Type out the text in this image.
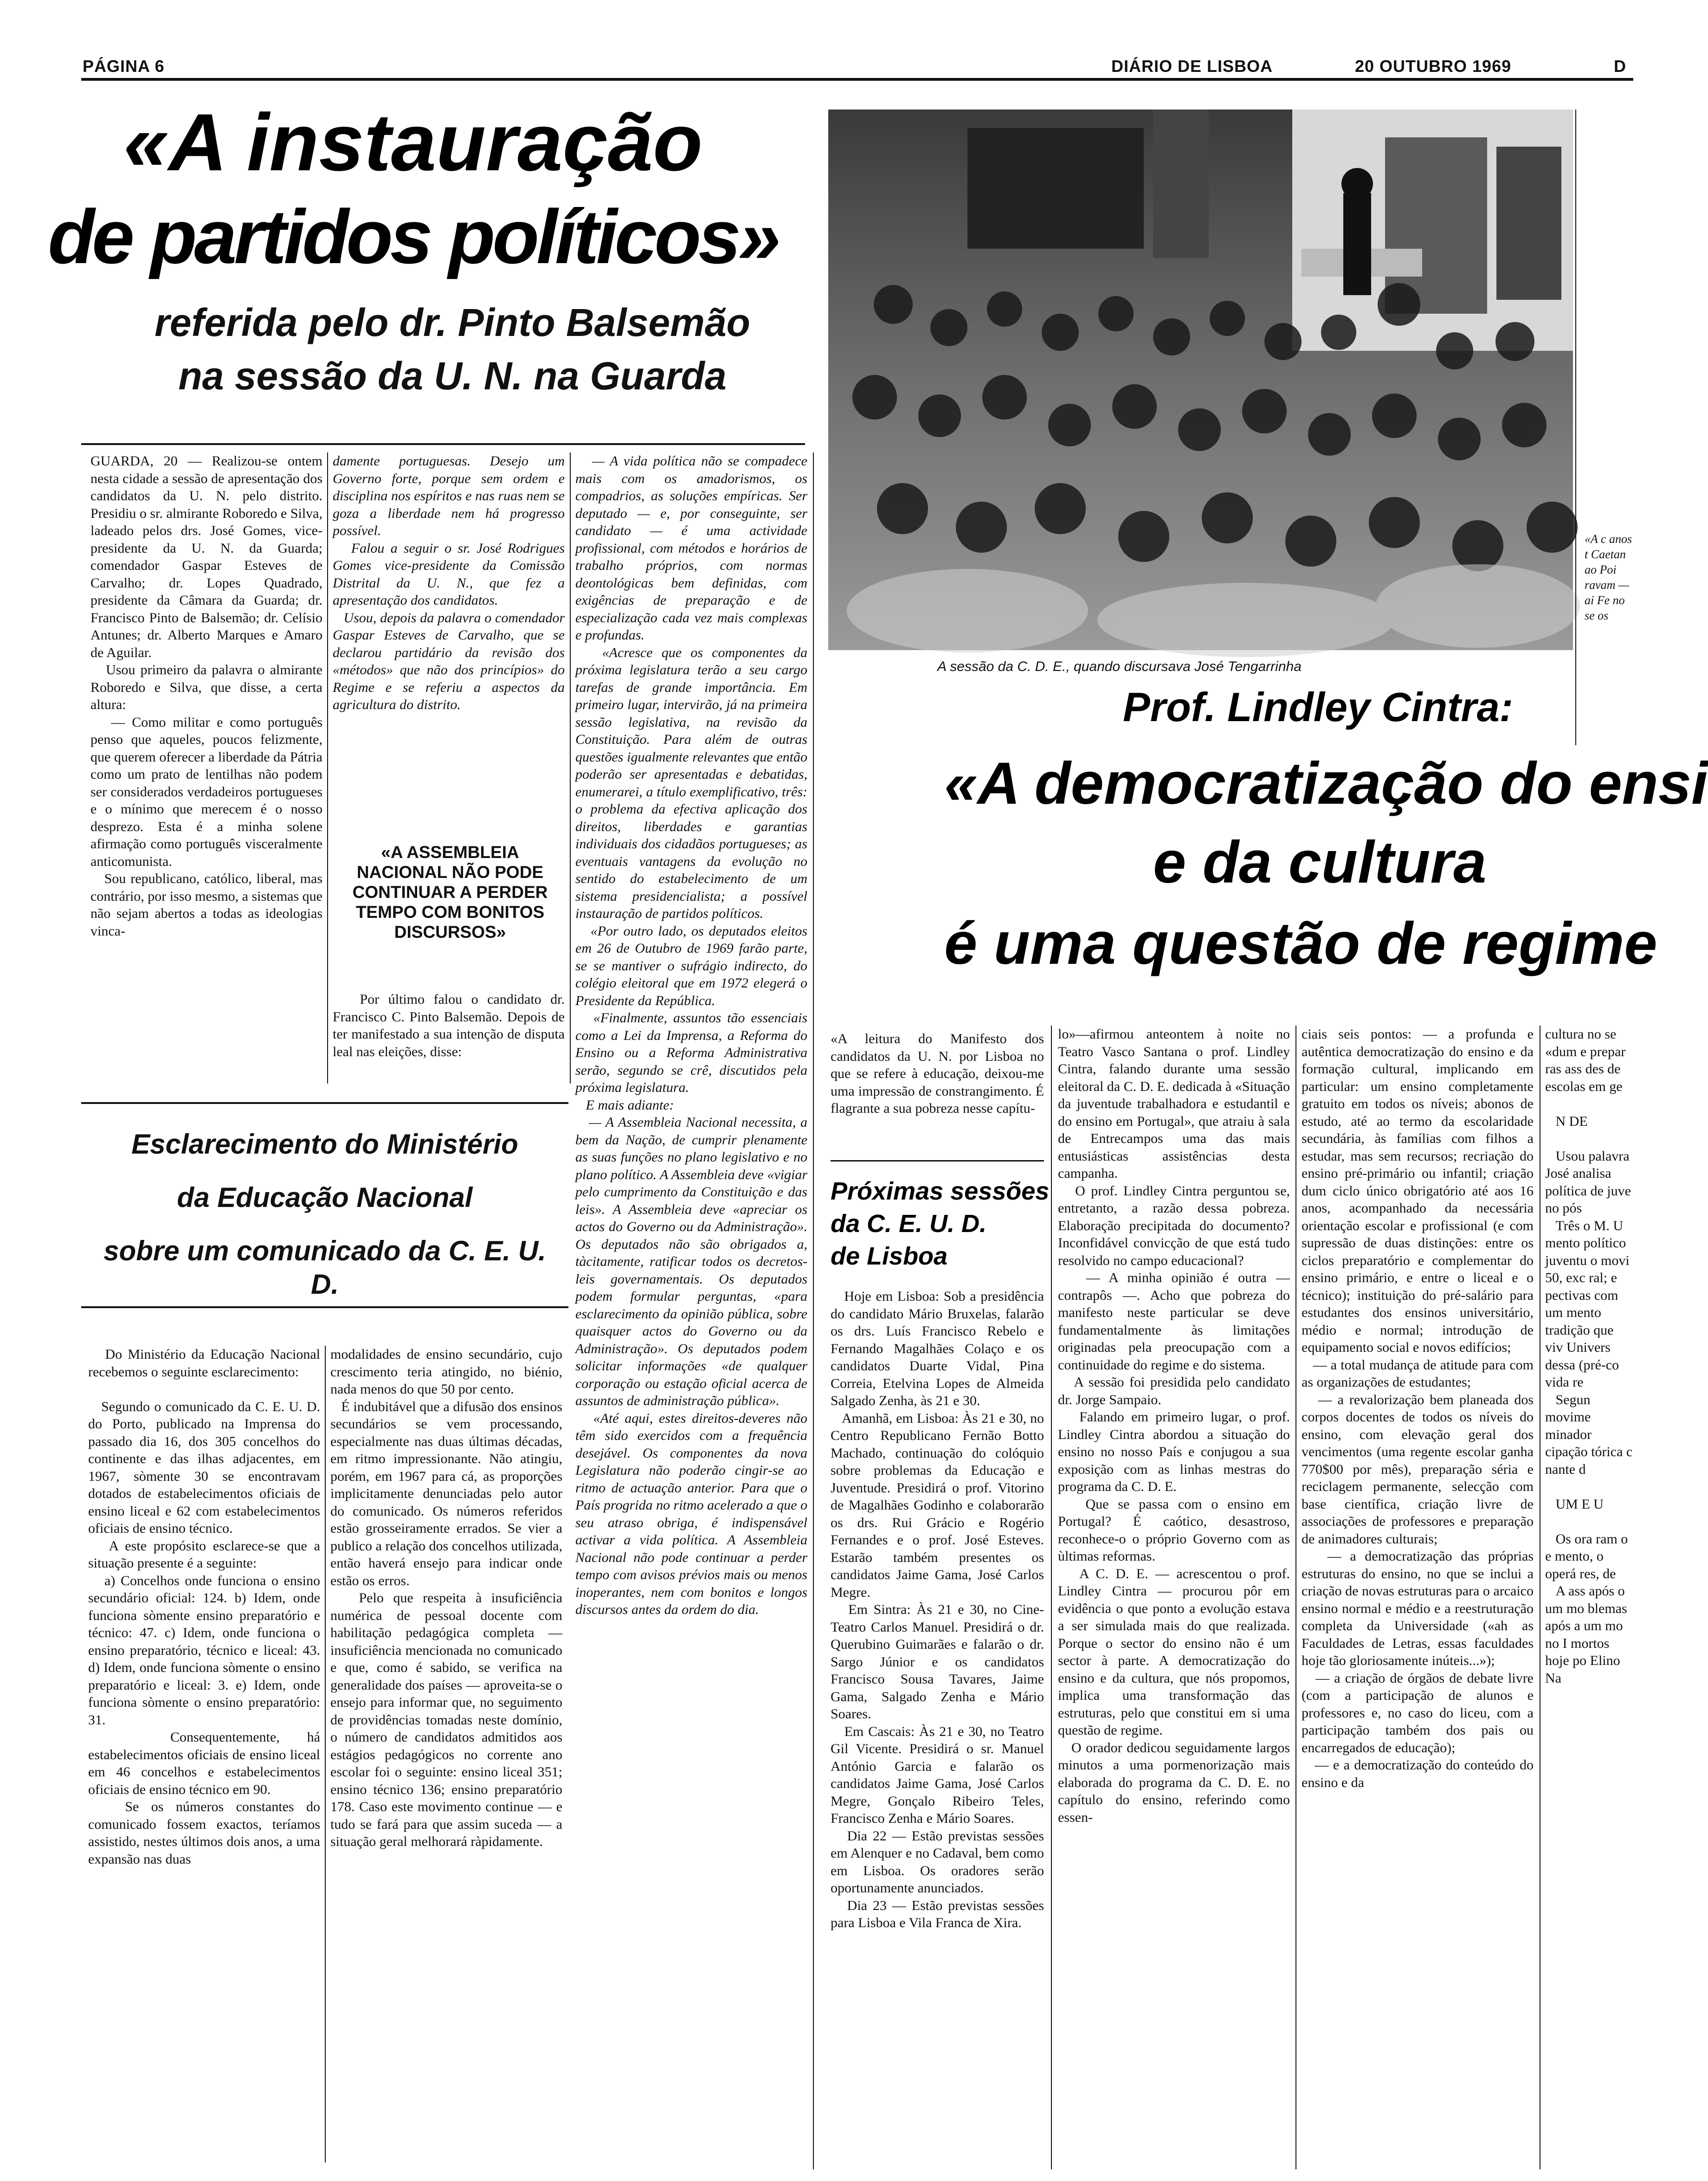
PÁGINA 6	DIÁRIO DE LISBOA	20 OUTUBRO 1969	D
«A instauração
de partidos políticos»
referida pelo dr. Pinto Balsemão
na sessão da U. N. na Guarda
GUARDA, 20 — Realizou-se ontem nesta cidade a sessão de apresentação dos candidatos da U. N. pelo distrito. Presidiu o sr. almirante Roboredo e Silva, ladeado pelos drs. José Gomes, vice-presidente da U. N. da Guarda; comendador Gaspar Esteves de Carvalho; dr. Lopes Quadrado, presidente da Câmara da Guarda; dr. Francisco Pinto de Balsemão; dr. Celísio Antunes; dr. Alberto Marques e Amaro de Aguilar.
Usou primeiro da palavra o almirante Roboredo e Silva, que disse, a certa altura:
— Como militar e como português penso que aqueles, poucos felizmente, que querem oferecer a liberdade da Pátria como um prato de lentilhas não podem ser considerados verdadeiros portugueses e o mínimo que merecem é o nosso desprezo. Esta é a minha solene afirmação como português visceralmente anticomunista.
Sou republicano, católico, liberal, mas contrário, por isso mesmo, a sistemas que não sejam abertos a todas as ideologias vinca-
damente portuguesas. Desejo um Governo forte, porque sem ordem e disciplina nos espíritos e nas ruas nem se goza a liberdade nem há progresso possível.
Falou a seguir o sr. José Rodrigues Gomes vice-presidente da Comissão Distrital da U. N., que fez a apresentação dos candidatos.
Usou, depois da palavra o comendador Gaspar Esteves de Carvalho, que se declarou partidário da revisão dos «métodos» que não dos princípios» do Regime e se referiu a aspectos da agricultura do distrito.
«A ASSEMBLEIA NACIONAL NÃO PODE CONTINUAR A PERDER TEMPO COM BONITOS DISCURSOS»
Por último falou o candidato dr. Francisco C. Pinto Balsemão. Depois de ter manifestado a sua intenção de disputa leal nas eleições, disse:
— A vida política não se compadece mais com os amadorismos, os compadrios, as soluções empíricas. Ser deputado — e, por conseguinte, ser candidato — é uma actividade profissional, com métodos e horários de trabalho próprios, com normas deontológicas bem definidas, com exigências de preparação e de especialização cada vez mais complexas e profundas.
«Acresce que os componentes da próxima legislatura terão a seu cargo tarefas de grande importância. Em primeiro lugar, intervirão, já na primeira sessão legislativa, na revisão da Constituição. Para além de outras questões igualmente relevantes que então poderão ser apresentadas e debatidas, enumerarei, a título exemplificativo, três: o problema da efectiva aplicação dos direitos, liberdades e garantias individuais dos cidadãos portugueses; as eventuais vantagens da evolução no sentido do estabelecimento de um sistema presidencialista; a possível instauração de partidos políticos.
«Por outro lado, os deputados eleitos em 26 de Outubro de 1969 farão parte, se se mantiver o sufrágio indirecto, do colégio eleitoral que em 1972 elegerá o Presidente da República.
«Finalmente, assuntos tão essenciais como a Lei da Imprensa, a Reforma do Ensino ou a Reforma Administrativa serão, segundo se crê, discutidos pela próxima legislatura.
E mais adiante:
— A Assembleia Nacional necessita, a bem da Nação, de cumprir plenamente as suas funções no plano legislativo e no plano político. A Assembleia deve «vigiar pelo cumprimento da Constituição e das leis». A Assembleia deve «apreciar os actos do Governo ou da Administração». Os deputados não são obrigados a, tàcitamente, ratificar todos os decretos-leis governamentais. Os deputados podem formular perguntas, «para esclarecimento da opinião pública, sobre quaisquer actos do Governo ou da Administração». Os deputados podem solicitar informações «de qualquer corporação ou estação oficial acerca de assuntos de administração pública».
«Até aqui, estes direitos-deveres não têm sido exercidos com a frequência desejável. Os componentes da nova Legislatura não poderão cingir-se ao ritmo de actuação anterior. Para que o País progrida no ritmo acelerado a que o seu atraso obriga, é indispensável activar a vida política. A Assembleia Nacional não pode continuar a perder tempo com avisos prévios mais ou menos inoperantes, nem com bonitos e longos discursos antes da ordem do dia.
Esclarecimento do Ministério
da Educação Nacional
sobre um comunicado da C. E. U. D.
Do Ministério da Educação Nacional recebemos o seguinte esclarecimento:

Segundo o comunicado da C. E. U. D. do Porto, publicado na Imprensa do passado dia 16, dos 305 concelhos do continente e das ilhas adjacentes, em 1967, sòmente 30 se encontravam dotados de estabelecimentos oficiais de ensino liceal e 62 com estabelecimentos oficiais de ensino técnico.
A este propósito esclarece-se que a situação presente é a seguinte:
a) Concelhos onde funciona o ensino secundário oficial: 124. b) Idem, onde funciona sòmente ensino preparatório e técnico: 47. c) Idem, onde funciona o ensino preparatório, técnico e liceal: 43. d) Idem, onde funciona sòmente o ensino preparatório e liceal: 3. e) Idem, onde funciona sòmente o ensino preparatório: 31.
Consequentemente, há estabelecimentos oficiais de ensino liceal em 46 concelhos e estabelecimentos oficiais de ensino técnico em 90.
Se os números constantes do comunicado fossem exactos, teríamos assistido, nestes últimos dois anos, a uma expansão nas duas
modalidades de ensino secundário, cujo crescimento teria atingido, no biénio, nada menos do que 50 por cento.
É indubitável que a difusão dos ensinos secundários se vem processando, especialmente nas duas últimas décadas, em ritmo impressionante. Não atingiu, porém, em 1967 para cá, as proporções implicitamente denunciadas pelo autor do comunicado. Os números referidos estão grosseiramente errados. Se vier a publico a relação dos concelhos utilizada, então haverá ensejo para indicar onde estão os erros.
Pelo que respeita à insuficiência numérica de pessoal docente com habilitação pedagógica completa — insuficiência mencionada no comunicado e que, como é sabido, se verifica na generalidade dos países — aproveita-se o ensejo para informar que, no seguimento de providências tomadas neste domínio, o número de candidatos admitidos aos estágios pedagógicos no corrente ano escolar foi o seguinte: ensino liceal 351; ensino técnico 136; ensino preparatório 178. Caso este movimento continue — e tudo se fará para que assim suceda — a situação geral melhorará ràpidamente.
A sessão da C. D. E., quando discursava José Tengarrinha
Prof. Lindley Cintra:
«A democratização do ensi
e da cultura
é uma questão de regime
«A leitura do Manifesto dos candidatos da U. N. por Lisboa no que se refere à educação, deixou-me uma impressão de constrangimento. É flagrante a sua pobreza nesse capítu-
Próximas sessões
da C. E. U. D.
de Lisboa
Hoje em Lisboa: Sob a presidência do candidato Mário Bruxelas, falarão os drs. Luís Francisco Rebelo e Fernando Magalhães Colaço e os candidatos Duarte Vidal, Pina Correia, Etelvina Lopes de Almeida Salgado Zenha, às 21 e 30.
Amanhã, em Lisboa: Às 21 e 30, no Centro Republicano Fernão Botto Machado, continuação do colóquio sobre problemas da Educação e Juventude. Presidirá o prof. Vitorino de Magalhães Godinho e colaborarão os drs. Rui Grácio e Rogério Fernandes e o prof. José Esteves. Estarão também presentes os candidatos Jaime Gama, José Carlos Megre.
Em Sintra: Às 21 e 30, no Cine-Teatro Carlos Manuel. Presidirá o dr. Querubino Guimarães e falarão o dr. Sargo Júnior e os candidatos Francisco Sousa Tavares, Jaime Gama, Salgado Zenha e Mário Soares.
Em Cascais: Às 21 e 30, no Teatro Gil Vicente. Presidirá o sr. Manuel António Garcia e falarão os candidatos Jaime Gama, José Carlos Megre, Gonçalo Ribeiro Teles, Francisco Zenha e Mário Soares.
Dia 22 — Estão previstas sessões em Alenquer e no Cadaval, bem como em Lisboa. Os oradores serão oportunamente anunciados.
Dia 23 — Estão previstas sessões para Lisboa e Vila Franca de Xira.
lo»—afirmou anteontem à noite no Teatro Vasco Santana o prof. Lindley Cintra, falando durante uma sessão eleitoral da C. D. E. dedicada à «Situação da juventude trabalhadora e estudantil e do ensino em Portugal», que atraiu à sala de Entrecampos uma das mais entusiásticas assistências desta campanha.
O prof. Lindley Cintra perguntou se, entretanto, a razão dessa pobreza. Elaboração precipitada do documento? Inconfidável convicção de que está tudo resolvido no campo educacional?
— A minha opinião é outra — contrapôs —. Acho que pobreza do manifesto neste particular se deve fundamentalmente às limitações originadas pela preocupação com a continuidade do regime e do sistema.
A sessão foi presidida pelo candidato dr. Jorge Sampaio.
Falando em primeiro lugar, o prof. Lindley Cintra abordou a situação do ensino no nosso País e conjugou a sua exposição com as linhas mestras do programa da C. D. E.
Que se passa com o ensino em Portugal? É caótico, desastroso, reconhece-o o próprio Governo com as ùltimas reformas.
A C. D. E. — acrescentou o prof. Lindley Cintra — procurou pôr em evidência o que ponto a evolução estava a ser simulada mais do que realizada. Porque o sector do ensino não é um sector à parte. A democratização do ensino e da cultura, que nós propomos, implica uma transformação das estruturas, pelo que constitui em si uma questão de regime.
O orador dedicou seguidamente largos minutos a uma pormenorização mais elaborada do programa da C. D. E. no capítulo do ensino, referindo como essen-
ciais seis pontos: — a profunda e autêntica democratização do ensino e da formação cultural, implicando em particular: um ensino completamente gratuito em todos os níveis; abonos de estudo, até ao termo da escolaridade secundária, às famílias com filhos a estudar, mas sem recursos; recriação do ensino pré-primário ou infantil; criação dum ciclo único obrigatório até aos 16 anos, acompanhado da necessária orientação escolar e profissional (e com supressão de duas distinções: entre os ciclos preparatório e complementar do ensino primário, e entre o liceal e o técnico); instituição do pré-salário para estudantes dos ensinos universitário, médio e normal; introdução de equipamento social e novos edifícios;
— a total mudança de atitude para com as organizações de estudantes;
— a revalorização bem planeada dos corpos docentes de todos os níveis do ensino, com elevação geral dos vencimentos (uma regente escolar ganha 770$00 por mês), preparação séria e reciclagem permanente, selecção com base científica, criação livre de associações de professores e preparação de animadores culturais;
— a democratização das próprias estruturas do ensino, no que se inclui a criação de novas estruturas para o arcaico ensino normal e médio e a reestruturação completa da Universidade («ah as Faculdades de Letras, essas faculdades hoje tão gloriosamente inúteis...»);
— a criação de órgãos de debate livre (com a participação de alunos e professores e, no caso do liceu, com a participação também dos pais ou encarregados de educação);
— e a democratização do conteúdo do ensino e da
cultura no se «dum e prepar ras ass des de escolas em ge

N DE

Usou palavra José analisa política de juve no pós
Três o M. U mento político juventu o movi 50, exc ral; e pectivas com um mento tradição que viv Univers dessa (pré-co vida re
Segun movime minador cipação tórica c nante d

UM E U

Os ora ram o e mento, o operá res, de
A ass após o um mo blemas após a um mo no I mortos hoje po Elino Na
«A c anos t Caetan ao Poi ravam —ai Fe no se os
